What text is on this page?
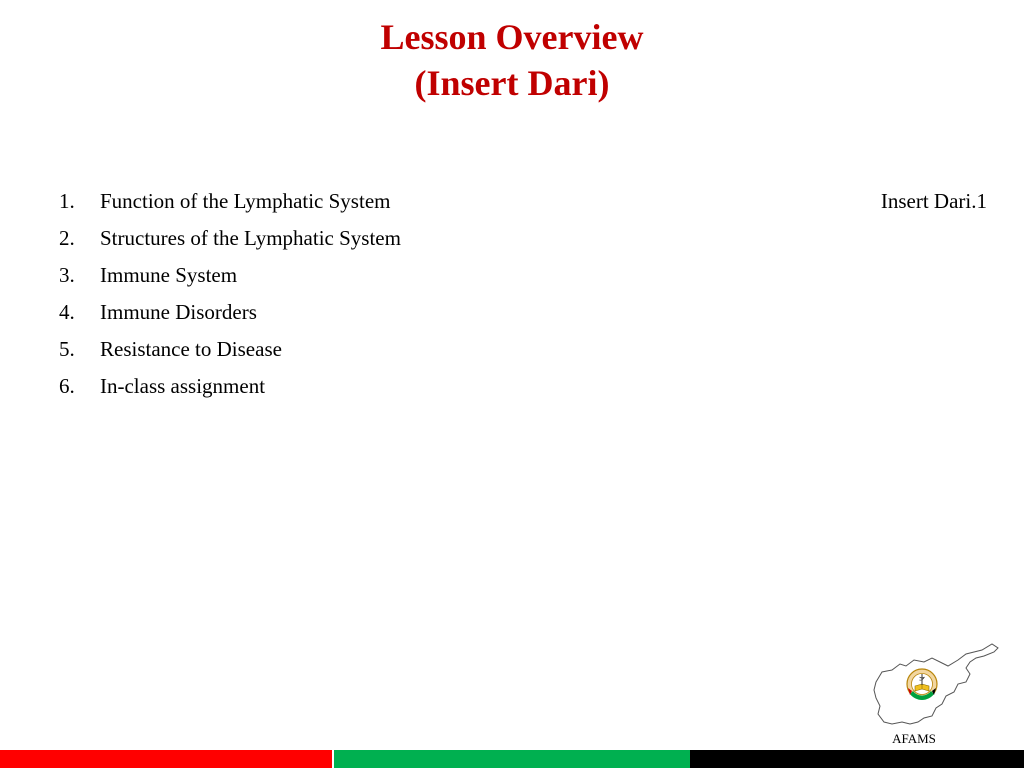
Lesson Overview
(Insert Dari)
1.	Function of the Lymphatic System
2.	Structures of the Lymphatic System
3.	Immune System
4.	Immune Disorders
5.	Resistance to Disease
6.	In-class assignment
Insert Dari.1
AFAMS
